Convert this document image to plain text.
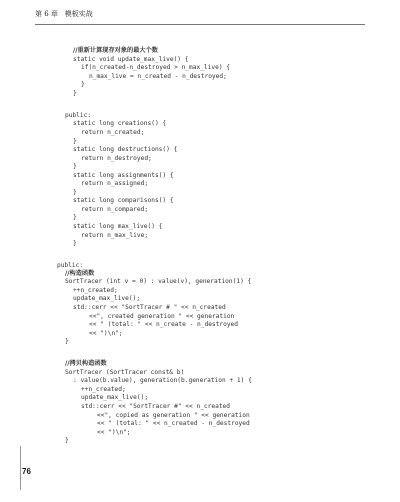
第 6 章 模板实战
//重新计算现存对象的最大个数
static void update_max_live() {
if(n_created-n_destroyed > n_max_live) {
n_max_live = n_created - n_destroyed;
}
}
public:
static long creations() {
return n_created;
}
static long destructions() {
return n_destroyed;
}
static long assignments() {
return n_assigned;
}
static long comparisons() {
return n_compared;
}
static long max_live() {
return n_max_live;
}
public:
//构造函数
SortTracer (int v = 0) : value(v), generation(1) {
++n_created;
update_max_live();
std::cerr << "SortTracer # " << n_created
<<", created generation " << generation
<< " (total: " << n_create - n_destroyed
<< ")\n";
}
//拷贝构造函数
SortTracer (SortTracer const& b)
: value(b.value), generation(b.generation + 1) {
++n_created;
update_max_live();
std::cerr << "SortTracer #" << n_created
<<", copied as generation " << generation
<< " (total: " << n_created - n_destroyed
<< ")\n";
}
76
